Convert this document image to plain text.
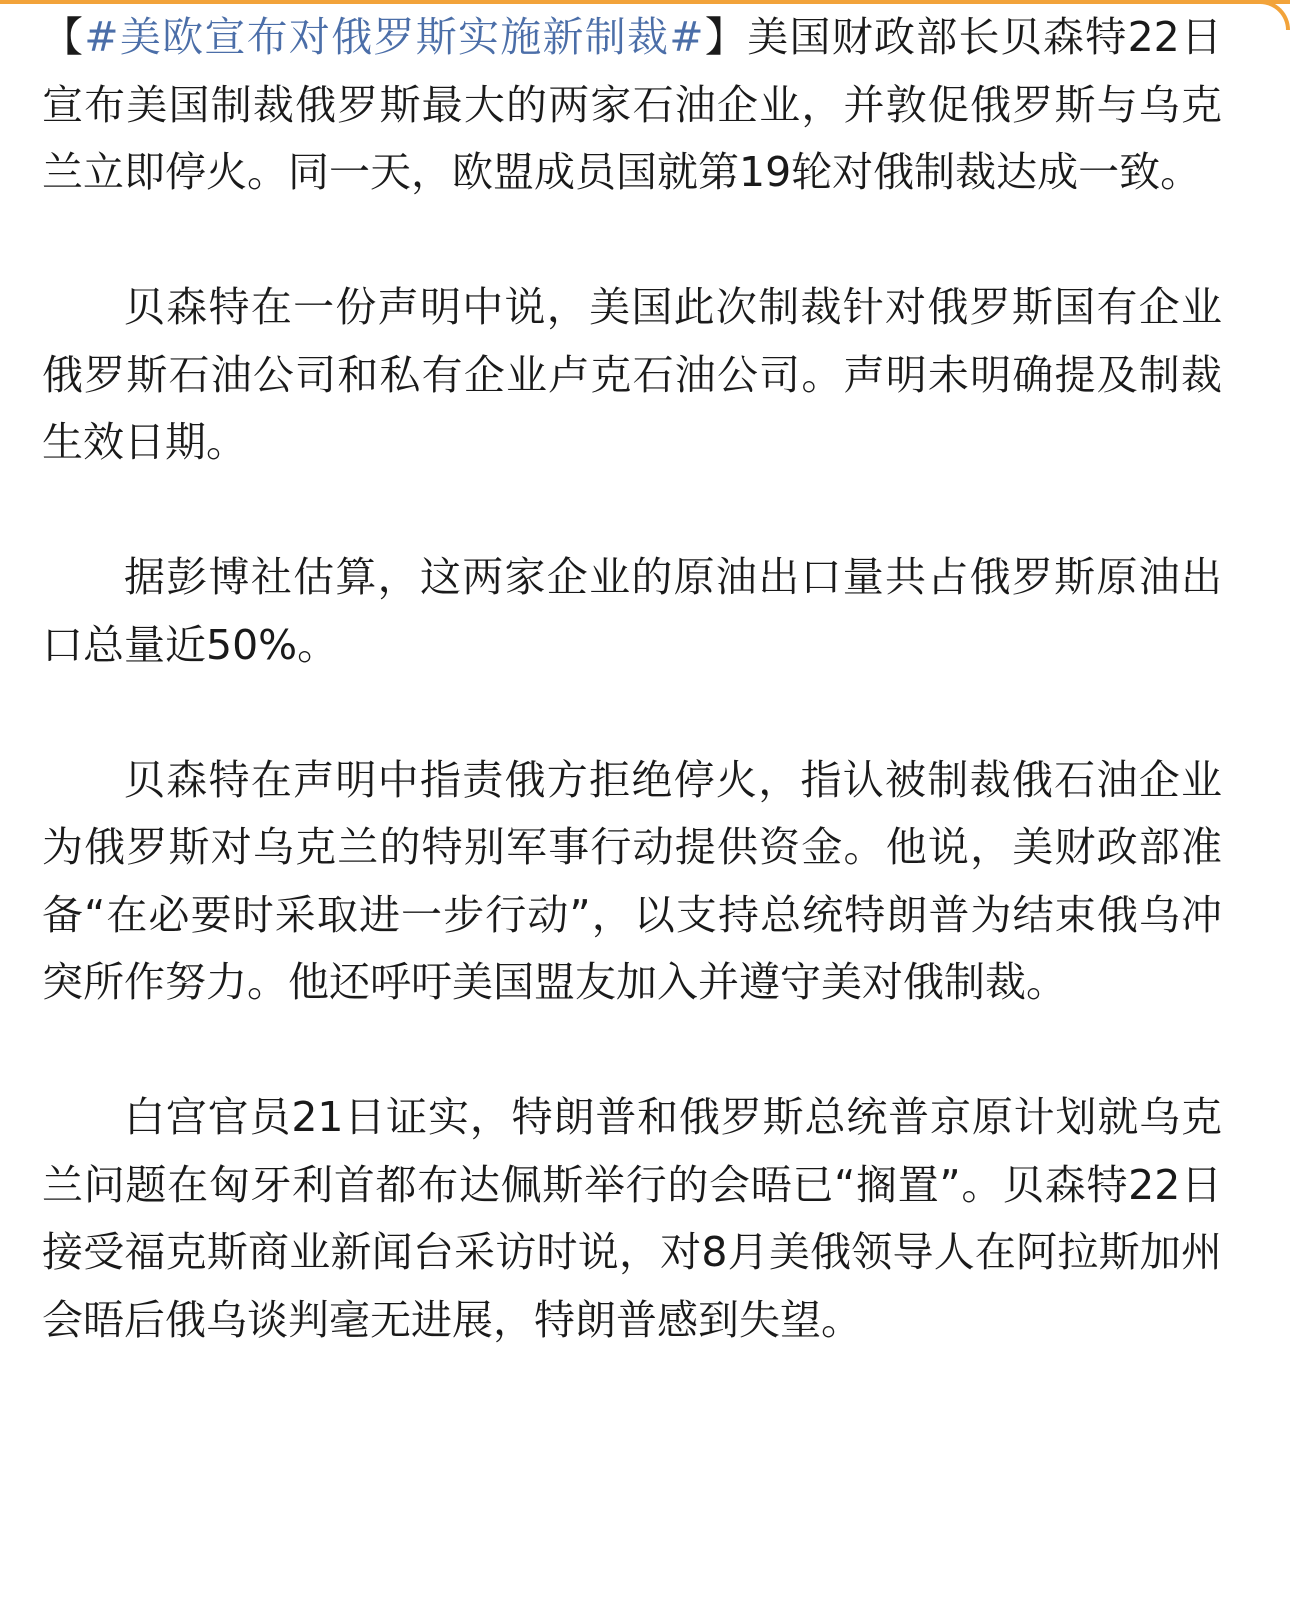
【#美欧宣布对俄罗斯实施新制裁#】美国财政部长贝森特22日宣布美国制裁俄罗斯最大的两家石油企业，并敦促俄罗斯与乌克兰立即停火。同一天，欧盟成员国就第19轮对俄制裁达成一致。

贝森特在一份声明中说，美国此次制裁针对俄罗斯国有企业俄罗斯石油公司和私有企业卢克石油公司。声明未明确提及制裁生效日期。

据彭博社估算，这两家企业的原油出口量共占俄罗斯原油出口总量近50%。

贝森特在声明中指责俄方拒绝停火，指认被制裁俄石油企业为俄罗斯对乌克兰的特别军事行动提供资金。他说，美财政部准备“在必要时采取进一步行动”，以支持总统特朗普为结束俄乌冲突所作努力。他还呼吁美国盟友加入并遵守美对俄制裁。

白宫官员21日证实，特朗普和俄罗斯总统普京原计划就乌克兰问题在匈牙利首都布达佩斯举行的会晤已“搁置”。贝森特22日接受福克斯商业新闻台采访时说，对8月美俄领导人在阿拉斯加州会晤后俄乌谈判毫无进展，特朗普感到失望。
